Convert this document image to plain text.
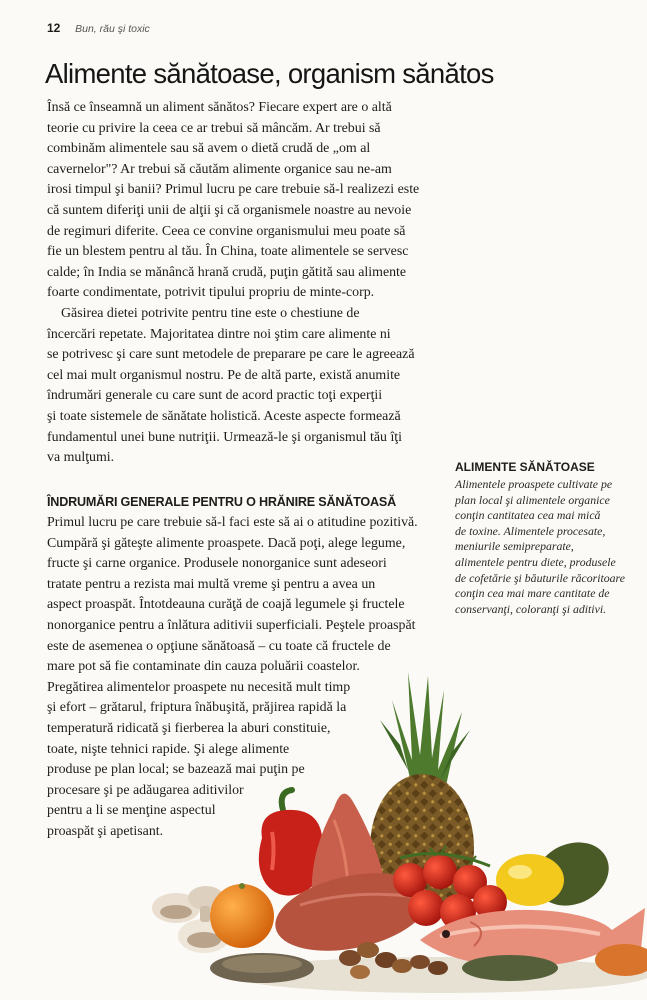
12 Bun, rău şi toxic
Alimente sănătoase, organism sănătos
Însă ce înseamnă un aliment sănătos? Fiecare expert are o altă
teorie cu privire la ceea ce ar trebui să mâncăm. Ar trebui să
combinăm alimentele sau să avem o dietă crudă de „om al
cavernelor"? Ar trebui să căutăm alimente organice sau ne-am
irosi timpul şi banii? Primul lucru pe care trebuie să-l realizezi este
că suntem diferiţi unii de alţii şi că organismele noastre au nevoie
de regimuri diferite. Ceea ce convine organismului meu poate să
fie un blestem pentru al tău. În China, toate alimentele se servesc
calde; în India se mănâncă hrană crudă, puţin gătită sau alimente
foarte condimentate, potrivit tipului propriu de minte-corp.
Găsirea dietei potrivite pentru tine este o chestiune de
încercări repetate. Majoritatea dintre noi ştim care alimente ni
se potrivesc şi care sunt metodele de preparare pe care le agreează
cel mai mult organismul nostru. Pe de altă parte, există anumite
îndrumări generale cu care sunt de acord practic toţi experţii
şi toate sistemele de sănătate holistică. Aceste aspecte formează
fundamentul unei bune nutriţii. Urmează-le şi organismul tău îţi
va mulţumi.
ÎNDRUMĂRI GENERALE PENTRU O HRĂNIRE SĂNĂTOASĂ
Primul lucru pe care trebuie să-l faci este să ai o atitudine pozitivă.
Cumpără şi găteşte alimente proaspete. Dacă poţi, alege legume,
fructe şi carne organice. Produsele nonorganice sunt adeseori
tratate pentru a rezista mai multă vreme şi pentru a avea un
aspect proaspăt. Întotdeauna curăţă de coajă legumele şi fructele
nonorganice pentru a înlătura aditivii superficiali. Peştele proaspăt
este de asemenea o opţiune sănătoasă – cu toate că fructele de
mare pot să fie contaminate din cauza poluării coastelor.
Pregătirea alimentelor proaspete nu necesită mult timp
şi efort – grătarul, friptura înăbuşită, prăjirea rapidă la
temperatură ridicată şi fierberea la aburi constituie,
toate, nişte tehnici rapide. Şi alege alimente
produse pe plan local; se bazează mai puţin pe
procesare şi pe adăugarea aditivilor
pentru a li se menţine aspectul
proaspăt şi apetisant.
ALIMENTE SĂNĂTOASE
Alimentele proaspete cultivate pe
plan local şi alimentele organice
conţin cantitatea cea mai mică
de toxine. Alimentele procesate,
meniurile semipreparate,
alimentele pentru diete, produsele
de cofetărie şi băuturile răcoritoare
conţin cea mai mare cantitate de
conservanţi, coloranţi şi aditivi.
